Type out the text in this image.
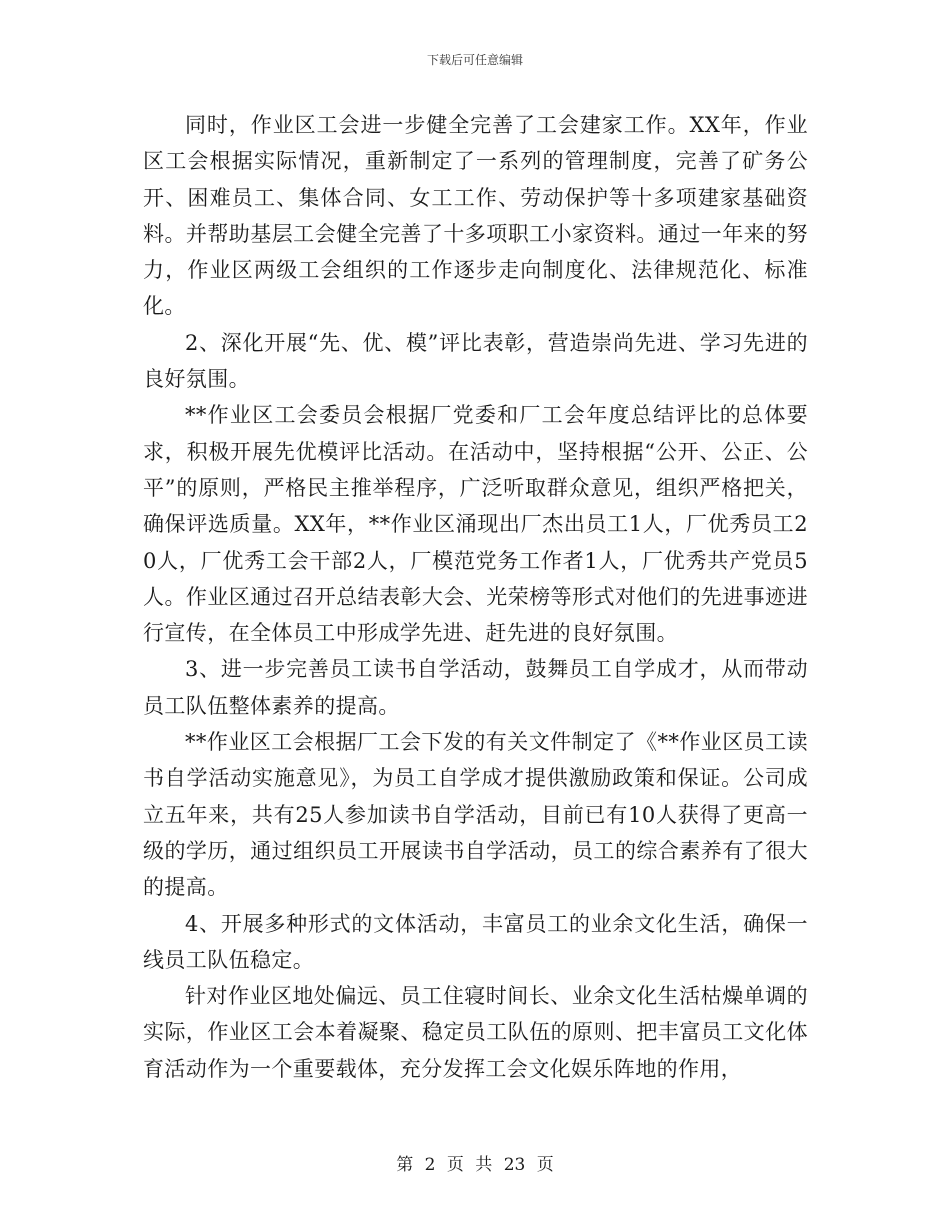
下载后可任意编辑

同时，作业区工会进一步健全完善了工会建家工作。XX年，作业区工会根据实际情况，重新制定了一系列的管理制度，完善了矿务公开、困难员工、集体合同、女工工作、劳动保护等十多项建家基础资料。并帮助基层工会健全完善了十多项职工小家资料。通过一年来的努力，作业区两级工会组织的工作逐步走向制度化、法律规范化、标准化。

2、深化开展“先、优、模”评比表彰，营造崇尚先进、学习先进的良好氛围。

**作业区工会委员会根据厂党委和厂工会年度总结评比的总体要求，积极开展先优模评比活动。在活动中，坚持根据“公开、公正、公平”的原则，严格民主推举程序，广泛听取群众意见，组织严格把关，确保评选质量。XX年，**作业区涌现出厂杰出员工1人，厂优秀员工20人，厂优秀工会干部2人，厂模范党务工作者1人，厂优秀共产党员5人。作业区通过召开总结表彰大会、光荣榜等形式对他们的先进事迹进行宣传，在全体员工中形成学先进、赶先进的良好氛围。

3、进一步完善员工读书自学活动，鼓舞员工自学成才，从而带动员工队伍整体素养的提高。

**作业区工会根据厂工会下发的有关文件制定了《**作业区员工读书自学活动实施意见》，为员工自学成才提供激励政策和保证。公司成立五年来，共有25人参加读书自学活动，目前已有10人获得了更高一级的学历，通过组织员工开展读书自学活动，员工的综合素养有了很大的提高。

4、开展多种形式的文体活动，丰富员工的业余文化生活，确保一线员工队伍稳定。

针对作业区地处偏远、员工住寝时间长、业余文化生活枯燥单调的实际，作业区工会本着凝聚、稳定员工队伍的原则、把丰富员工文化体育活动作为一个重要载体，充分发挥工会文化娱乐阵地的作用，

第 2 页 共 23 页
